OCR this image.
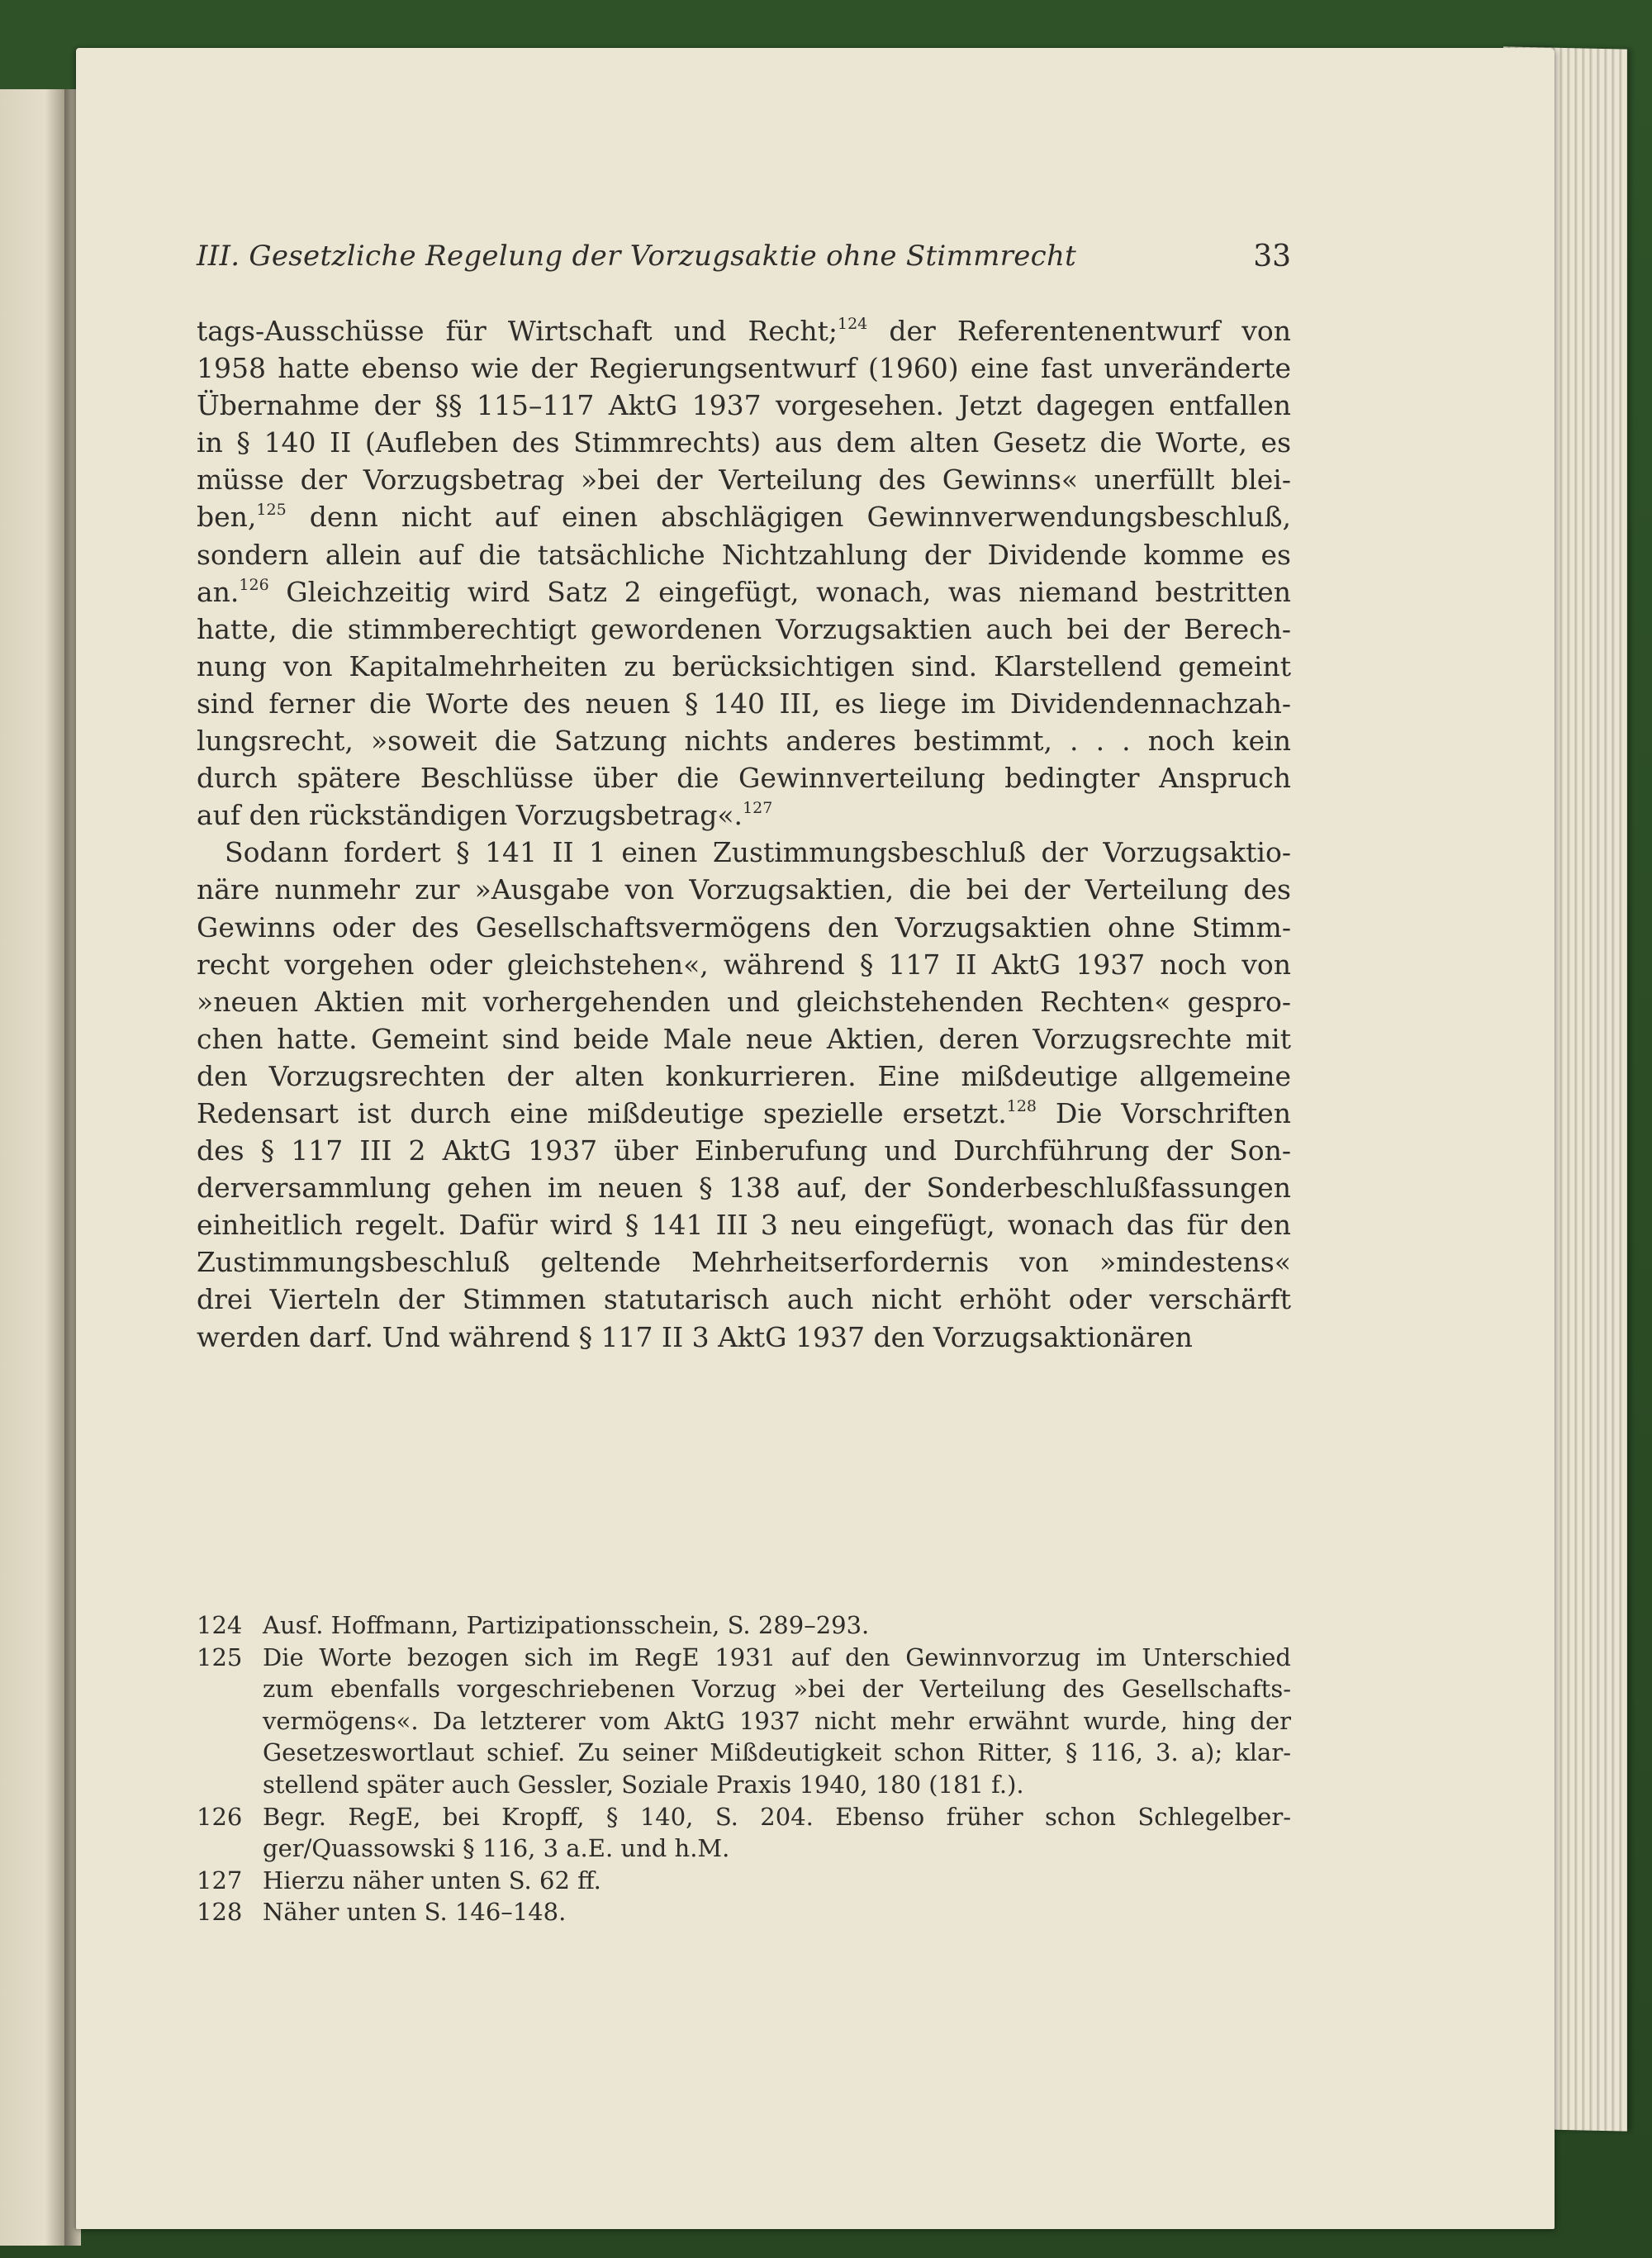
III. Gesetzliche Regelung der Vorzugsaktie ohne Stimmrecht	33
tags-Ausschüsse für Wirtschaft und Recht;$^{124}$ der Referentenentwurf von
1958 hatte ebenso wie der Regierungsentwurf (1960) eine fast unveränderte
Übernahme der §§ 115–117 AktG 1937 vorgesehen. Jetzt dagegen entfallen
in § 140 II (Aufleben des Stimmrechts) aus dem alten Gesetz die Worte, es
müsse der Vorzugsbetrag »bei der Verteilung des Gewinns« unerfüllt blei-
ben,$^{125}$ denn nicht auf einen abschlägigen Gewinnverwendungsbeschluß,
sondern allein auf die tatsächliche Nichtzahlung der Dividende komme es
an.$^{126}$ Gleichzeitig wird Satz 2 eingefügt, wonach, was niemand bestritten
hatte, die stimmberechtigt gewordenen Vorzugsaktien auch bei der Berech-
nung von Kapitalmehrheiten zu berücksichtigen sind. Klarstellend gemeint
sind ferner die Worte des neuen § 140 III, es liege im Dividendennachzah-
lungsrecht, »soweit die Satzung nichts anderes bestimmt, . . . noch kein
durch spätere Beschlüsse über die Gewinnverteilung bedingter Anspruch
auf den rückständigen Vorzugsbetrag«.$^{127}$
Sodann fordert § 141 II 1 einen Zustimmungsbeschluß der Vorzugsaktio-
näre nunmehr zur »Ausgabe von Vorzugsaktien, die bei der Verteilung des
Gewinns oder des Gesellschaftsvermögens den Vorzugsaktien ohne Stimm-
recht vorgehen oder gleichstehen«, während § 117 II AktG 1937 noch von
»neuen Aktien mit vorhergehenden und gleichstehenden Rechten« gespro-
chen hatte. Gemeint sind beide Male neue Aktien, deren Vorzugsrechte mit
den Vorzugsrechten der alten konkurrieren. Eine mißdeutige allgemeine
Redensart ist durch eine mißdeutige spezielle ersetzt.$^{128}$ Die Vorschriften
des § 117 III 2 AktG 1937 über Einberufung und Durchführung der Son-
derversammlung gehen im neuen § 138 auf, der Sonderbeschlußfassungen
einheitlich regelt. Dafür wird § 141 III 3 neu eingefügt, wonach das für den
Zustimmungsbeschluß geltende Mehrheitserfordernis von »mindestens«
drei Vierteln der Stimmen statutarisch auch nicht erhöht oder verschärft
werden darf. Und während § 117 II 3 AktG 1937 den Vorzugsaktionären
124 Ausf. Hoffmann, Partizipationsschein, S. 289–293.
125 Die Worte bezogen sich im RegE 1931 auf den Gewinnvorzug im Unterschied
zum ebenfalls vorgeschriebenen Vorzug »bei der Verteilung des Gesellschafts-
vermögens«. Da letzterer vom AktG 1937 nicht mehr erwähnt wurde, hing der
Gesetzeswortlaut schief. Zu seiner Mißdeutigkeit schon Ritter, § 116, 3. a); klar-
stellend später auch Gessler, Soziale Praxis 1940, 180 (181 f.).
126 Begr. RegE, bei Kropff, § 140, S. 204. Ebenso früher schon Schlegelber-
ger/Quassowski § 116, 3 a.E. und h.M.
127 Hierzu näher unten S. 62 ff.
128 Näher unten S. 146–148.
